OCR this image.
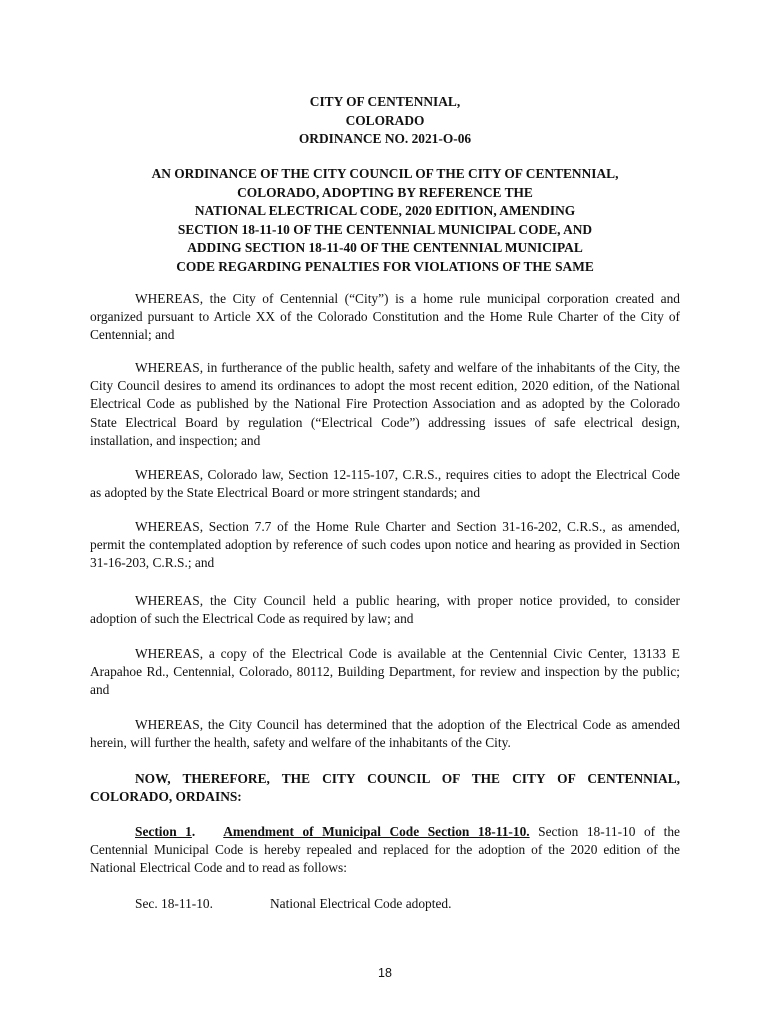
CITY OF CENTENNIAL,
COLORADO
ORDINANCE NO. 2021-O-06
AN ORDINANCE OF THE CITY COUNCIL OF THE CITY OF CENTENNIAL,
COLORADO, ADOPTING BY REFERENCE THE
NATIONAL ELECTRICAL CODE, 2020 EDITION, AMENDING
SECTION 18-11-10 OF THE CENTENNIAL MUNICIPAL CODE, AND
ADDING SECTION 18-11-40 OF THE CENTENNIAL MUNICIPAL
CODE REGARDING PENALTIES FOR VIOLATIONS OF THE SAME

WHEREAS, the City of Centennial (“City”) is a home rule municipal corporation created and organized pursuant to Article XX of the Colorado Constitution and the Home Rule Charter of the City of Centennial; and

WHEREAS, in furtherance of the public health, safety and welfare of the inhabitants of the City, the City Council desires to amend its ordinances to adopt the most recent edition, 2020 edition, of the National Electrical Code as published by the National Fire Protection Association and as adopted by the Colorado State Electrical Board by regulation (“Electrical Code”) addressing issues of safe electrical design, installation, and inspection; and

WHEREAS, Colorado law, Section 12-115-107, C.R.S., requires cities to adopt the Electrical Code as adopted by the State Electrical Board or more stringent standards; and

WHEREAS, Section 7.7 of the Home Rule Charter and Section 31-16-202, C.R.S., as amended, permit the contemplated adoption by reference of such codes upon notice and hearing as provided in Section 31-16-203, C.R.S.; and

WHEREAS, the City Council held a public hearing, with proper notice provided, to consider adoption of such the Electrical Code as required by law; and

WHEREAS, a copy of the Electrical Code is available at the Centennial Civic Center, 13133 E Arapahoe Rd., Centennial, Colorado, 80112, Building Department, for review and inspection by the public; and

WHEREAS, the City Council has determined that the adoption of the Electrical Code as amended herein, will further the health, safety and welfare of the inhabitants of the City.

NOW, THEREFORE, THE CITY COUNCIL OF THE CITY OF CENTENNIAL, COLORADO, ORDAINS:

Section 1. Amendment of Municipal Code Section 18-11-10. Section 18-11-10 of the Centennial Municipal Code is hereby repealed and replaced for the adoption of the 2020 edition of the National Electrical Code and to read as follows:

Sec. 18-11-10.	National Electrical Code adopted.
18
